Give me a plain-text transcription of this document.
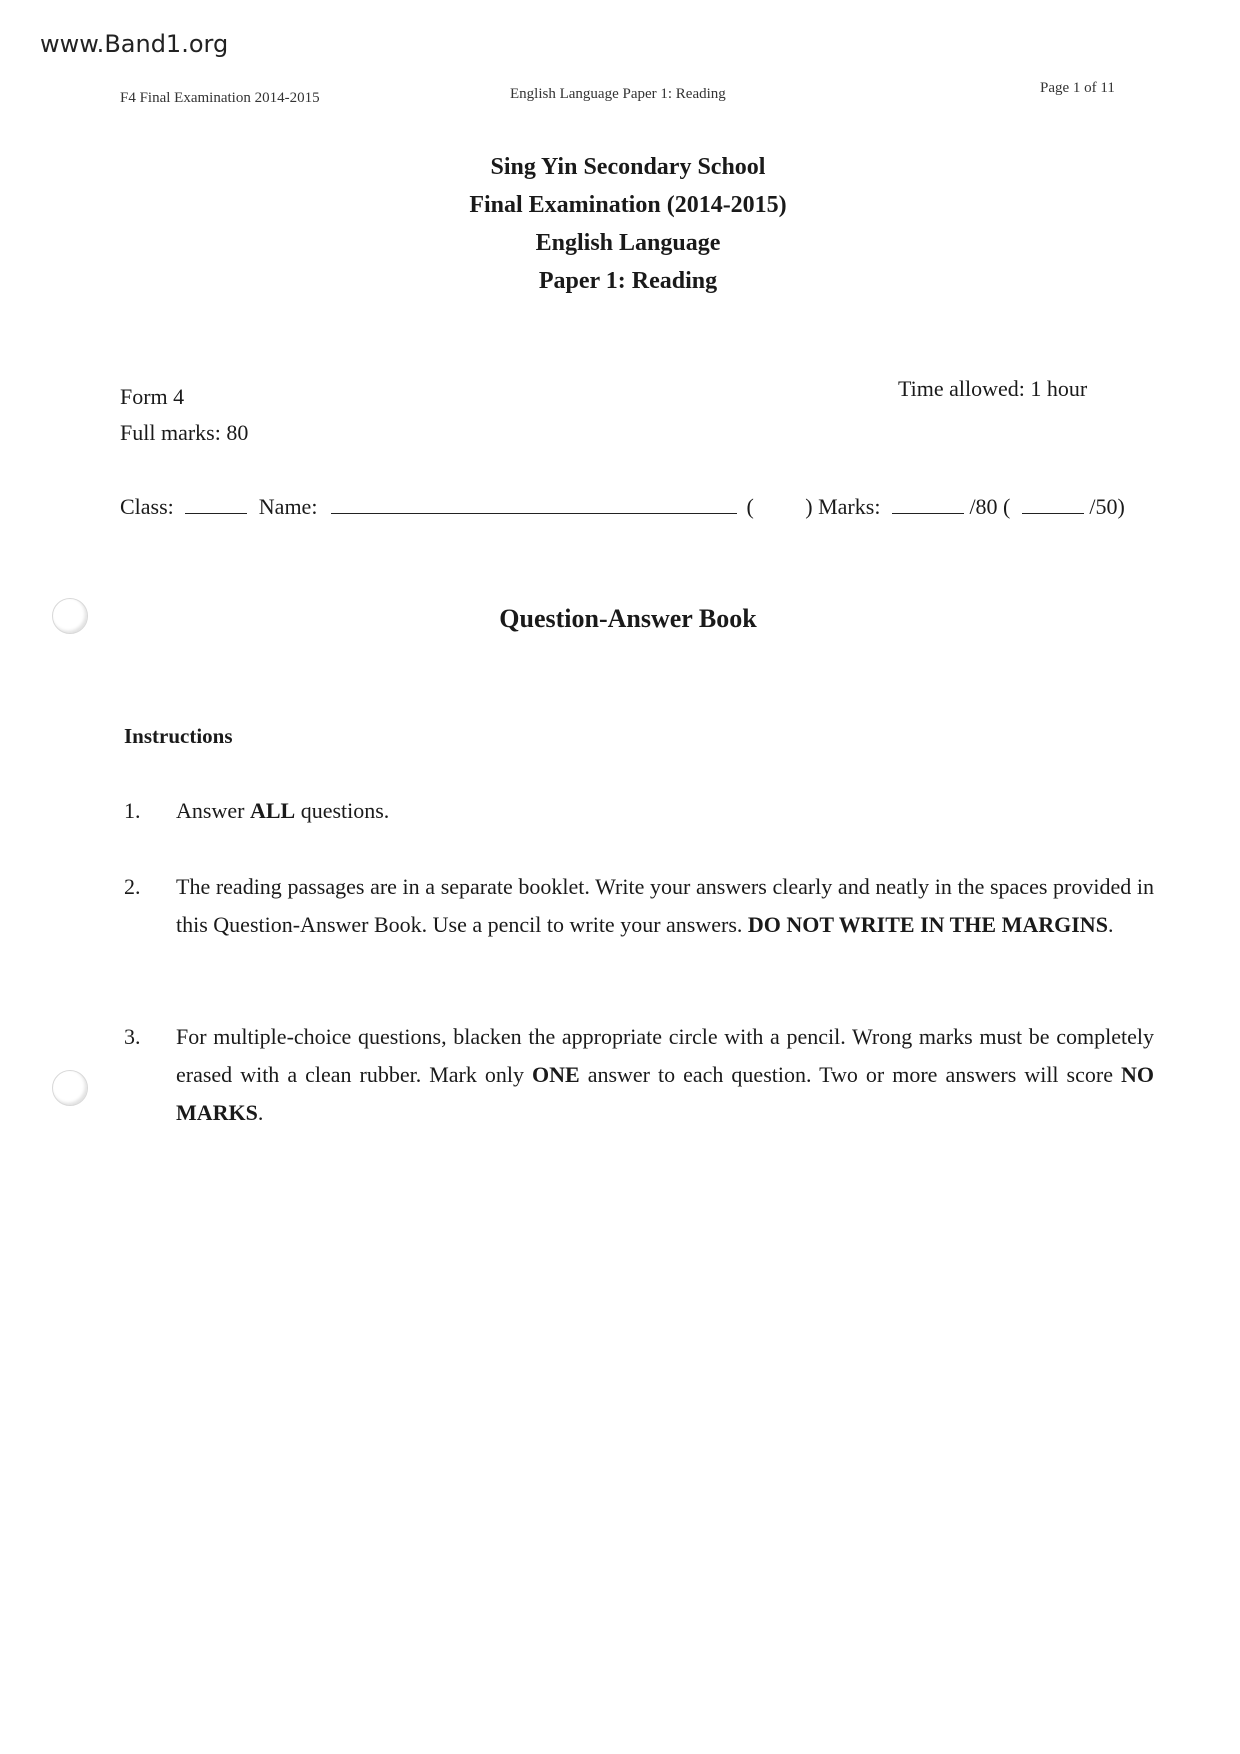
www.Band1.org
F4 Final Examination 2014-2015	English Language Paper 1: Reading	Page 1 of 11
Sing Yin Secondary School
Final Examination (2014-2015)
English Language
Paper 1: Reading
Form 4
Full marks: 80
Time allowed: 1 hour
Class:	Name:	( ) Marks:	/80 (	/50)
Question-Answer Book
Instructions
1.	Answer ALL questions.
2.	The reading passages are in a separate booklet. Write your answers clearly and neatly in the spaces provided in this Question-Answer Book. Use a pencil to write your answers. DO NOT WRITE IN THE MARGINS.
3.	For multiple-choice questions, blacken the appropriate circle with a pencil. Wrong marks must be completely erased with a clean rubber. Mark only ONE answer to each question. Two or more answers will score NO MARKS.
